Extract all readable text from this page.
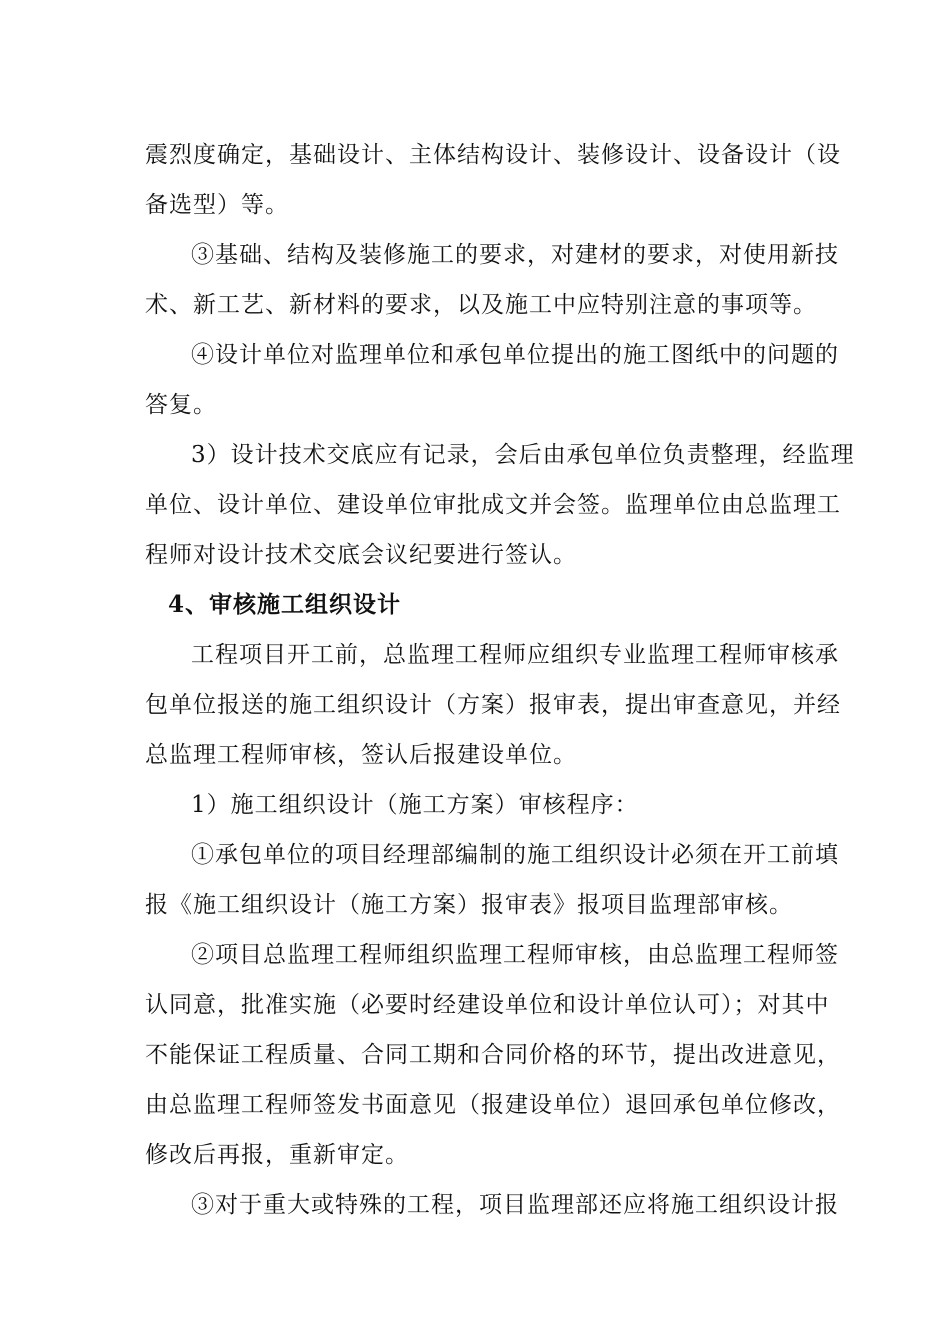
震烈度确定，基础设计、主体结构设计、装修设计、设备设计（设
备选型）等。
③基础、结构及装修施工的要求，对建材的要求，对使用新技
术、新工艺、新材料的要求，以及施工中应特别注意的事项等。
④设计单位对监理单位和承包单位提出的施工图纸中的问题的
答复。
3）设计技术交底应有记录，会后由承包单位负责整理，经监理
单位、设计单位、建设单位审批成文并会签。监理单位由总监理工
程师对设计技术交底会议纪要进行签认。
4、审核施工组织设计
工程项目开工前，总监理工程师应组织专业监理工程师审核承
包单位报送的施工组织设计（方案）报审表，提出审查意见，并经
总监理工程师审核，签认后报建设单位。
1）施工组织设计（施工方案）审核程序：
①承包单位的项目经理部编制的施工组织设计必须在开工前填
报《施工组织设计（施工方案）报审表》报项目监理部审核。
②项目总监理工程师组织监理工程师审核，由总监理工程师签
认同意，批准实施（必要时经建设单位和设计单位认可）；对其中
不能保证工程质量、合同工期和合同价格的环节，提出改进意见，
由总监理工程师签发书面意见（报建设单位）退回承包单位修改，
修改后再报，重新审定。
③对于重大或特殊的工程，项目监理部还应将施工组织设计报
